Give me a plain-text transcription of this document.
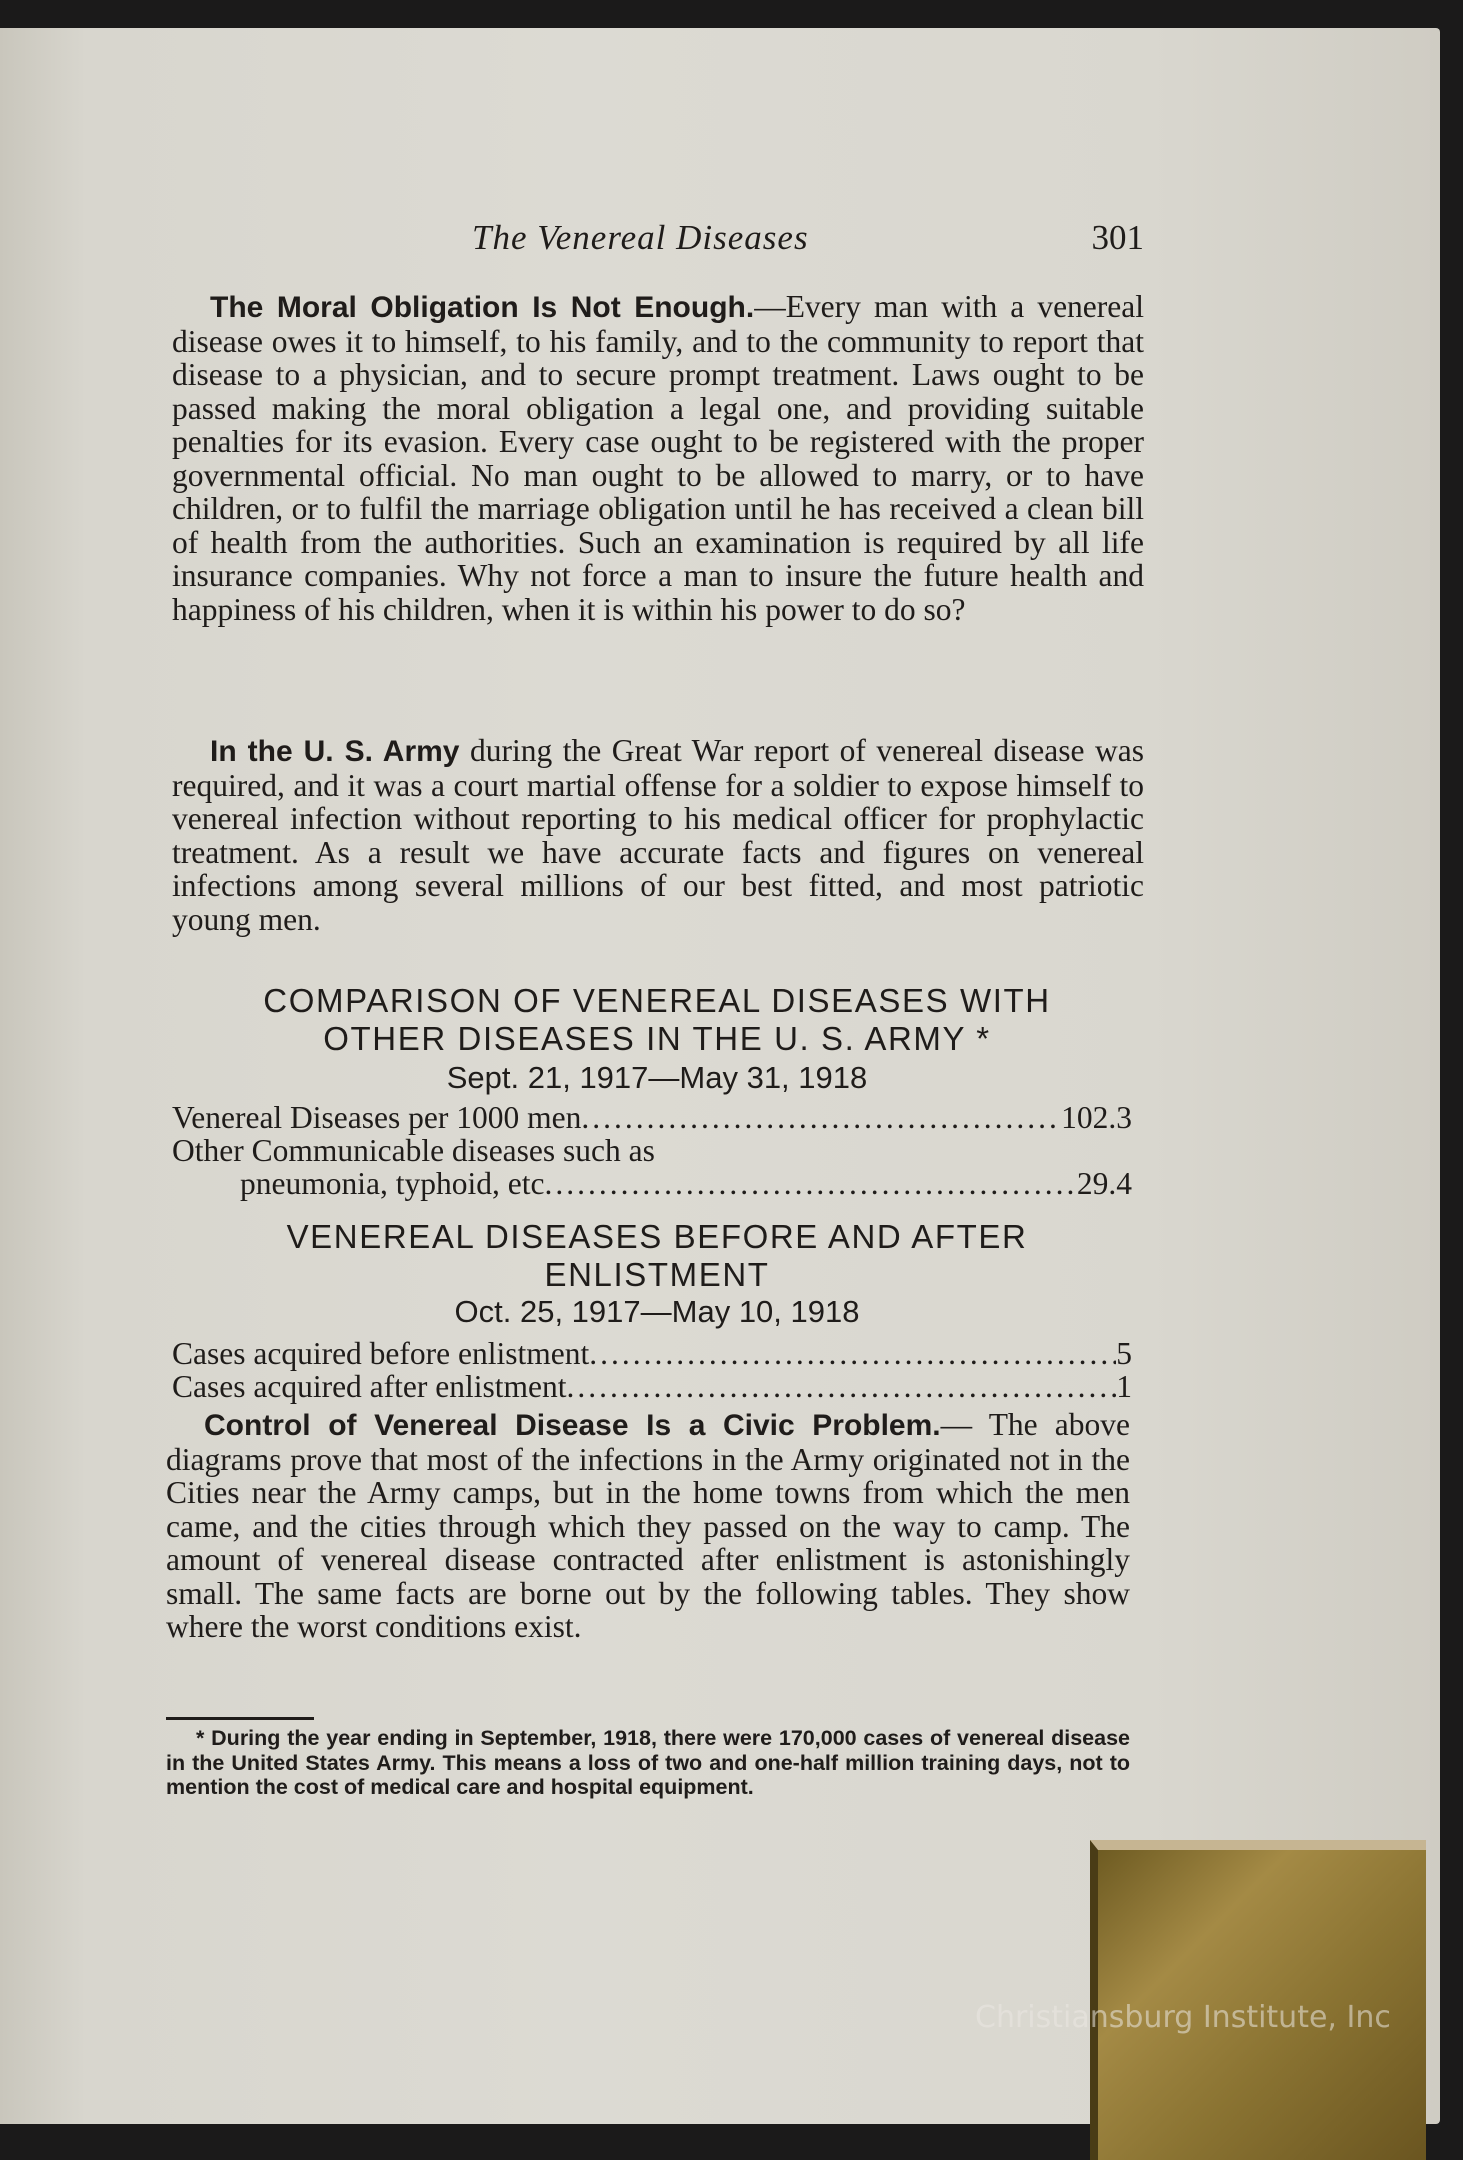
The Venereal Diseases	301

The Moral Obligation Is Not Enough.—Every man with a venereal disease owes it to himself, to his family, and to the community to report that disease to a physician, and to secure prompt treatment. Laws ought to be passed making the moral obligation a legal one, and providing suitable penalties for its evasion. Every case ought to be registered with the proper governmental official. No man ought to be allowed to marry, or to have children, or to fulfil the marriage obligation until he has received a clean bill of health from the authorities. Such an examination is required by all life insurance companies. Why not force a man to insure the future health and happiness of his children, when it is within his power to do so?

In the U. S. Army during the Great War report of venereal disease was required, and it was a court martial offense for a soldier to expose himself to venereal infection without reporting to his medical officer for prophylactic treatment. As a result we have accurate facts and figures on venereal infections among several millions of our best fitted, and most patriotic young men.

COMPARISON OF VENEREAL DISEASES WITH
OTHER DISEASES IN THE U. S. ARMY *
Sept. 21, 1917—May 31, 1918
Venereal Diseases per 1000 men .....	102.3
Other Communicable diseases such as
pneumonia, typhoid, etc .....	29.4
VENEREAL DISEASES BEFORE AND AFTER
ENLISTMENT
Oct. 25, 1917—May 10, 1918
Cases acquired before enlistment .....	5
Cases acquired after enlistment .....	1

Control of Venereal Disease Is a Civic Problem.— The above diagrams prove that most of the infections in the Army originated not in the Cities near the Army camps, but in the home towns from which the men came, and the cities through which they passed on the way to camp. The amount of venereal disease contracted after enlistment is astonishingly small. The same facts are borne out by the following tables. They show where the worst conditions exist.

* During the year ending in September, 1918, there were 170,000 cases of venereal disease in the United States Army. This means a loss of two and one-half million training days, not to mention the cost of medical care and hospital equipment.
Christiansburg Institute, Inc
